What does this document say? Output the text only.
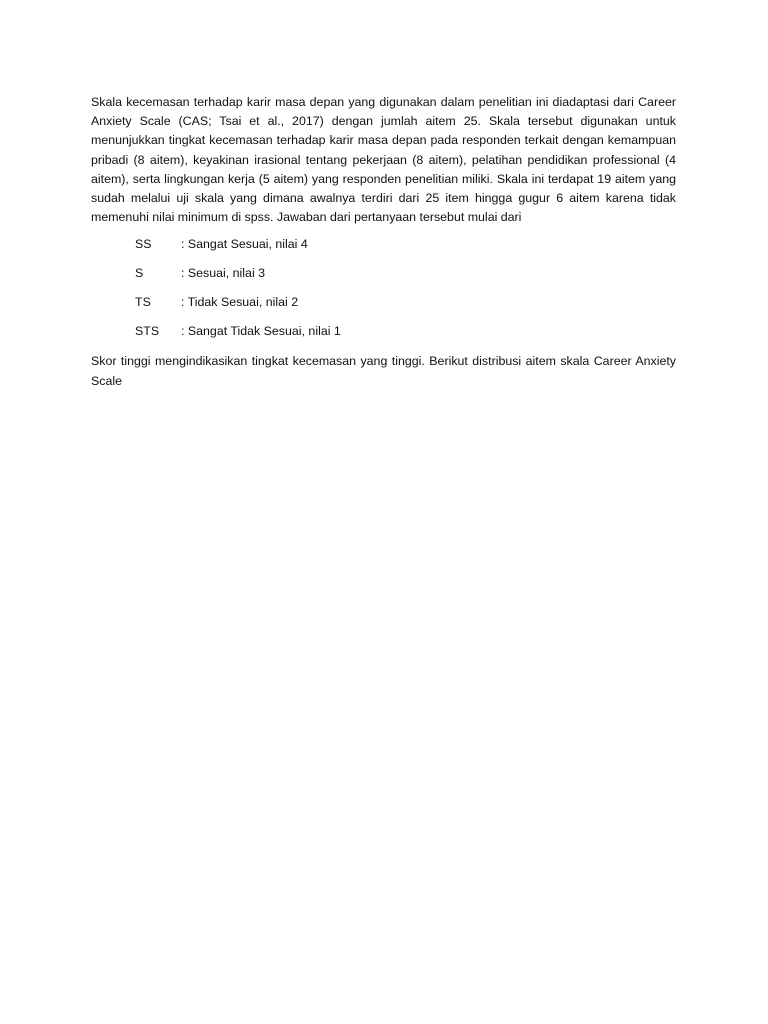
Skala kecemasan terhadap karir masa depan yang digunakan dalam penelitian ini diadaptasi dari Career Anxiety Scale (CAS; Tsai et al., 2017) dengan jumlah aitem 25. Skala tersebut digunakan untuk menunjukkan tingkat kecemasan terhadap karir masa depan pada responden terkait dengan kemampuan pribadi (8 aitem), keyakinan irasional tentang pekerjaan (8 aitem), pelatihan pendidikan professional (4 aitem), serta lingkungan kerja (5 aitem) yang responden penelitian miliki. Skala ini terdapat 19 aitem yang sudah melalui uji skala yang dimana awalnya terdiri dari 25 item hingga gugur 6 aitem karena tidak memenuhi nilai minimum di spss. Jawaban dari pertanyaan tersebut mulai dari

SS	: Sangat Sesuai, nilai 4
S	: Sesuai, nilai 3
TS	: Tidak Sesuai, nilai 2
STS	: Sangat Tidak Sesuai, nilai 1

Skor tinggi mengindikasikan tingkat kecemasan yang tinggi. Berikut distribusi aitem skala Career Anxiety Scale
